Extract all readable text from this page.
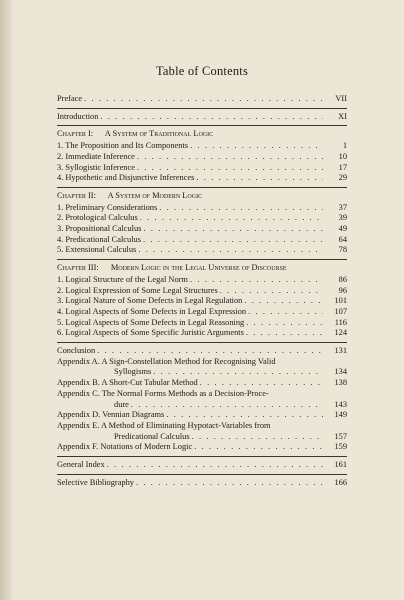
Table of Contents
Preface . . .	VII
Introduction . . .	XI
Chapter I: A System of Traditional Logic
1. The Proposition and Its Components . . .	1
2. Immediate Inference . . .	10
3. Syllogistic Inference . . .	17
4. Hypothetic and Disjunctive Inferences . . .	29
Chapter II: A System of Modern Logic
1. Preliminary Considerations . . .	37
2. Protological Calculus . . .	39
3. Propositional Calculus . . .	49
4. Predicational Calculus . . .	64
5. Extensional Calculus . . .	78
Chapter III: Modern Logic in the Legal Universe of Discourse
1. Logical Structure of the Legal Norm . . .	86
2. Logical Expression of Some Legal Structures . . .	96
3. Logical Nature of Some Defects in Legal Regulation . . .	101
4. Logical Aspects of Some Defects in Legal Expression . . .	107
5. Logical Aspects of Some Defects in Legal Reasoning . . .	116
6. Logical Aspects of Some Specific Juristic Arguments . . .	124
Conclusion . . .	131
Appendix A. A Sign-Constellation Method for Recognising Valid
Syllogisms . . .	134
Appendix B. A Short-Cut Tabular Method . . .	138
Appendix C. The Normal Forms Methods as a Decision-Proce-
dure . . .	143
Appendix D. Vennian Diagrams . . .	149
Appendix E. A Method of Eliminating Hypotact-Variables from
Predicational Calculus . . .	157
Appendix F. Notations of Modern Logic . . .	159
General Index . . .	161
Selective Bibliography . . .	166
